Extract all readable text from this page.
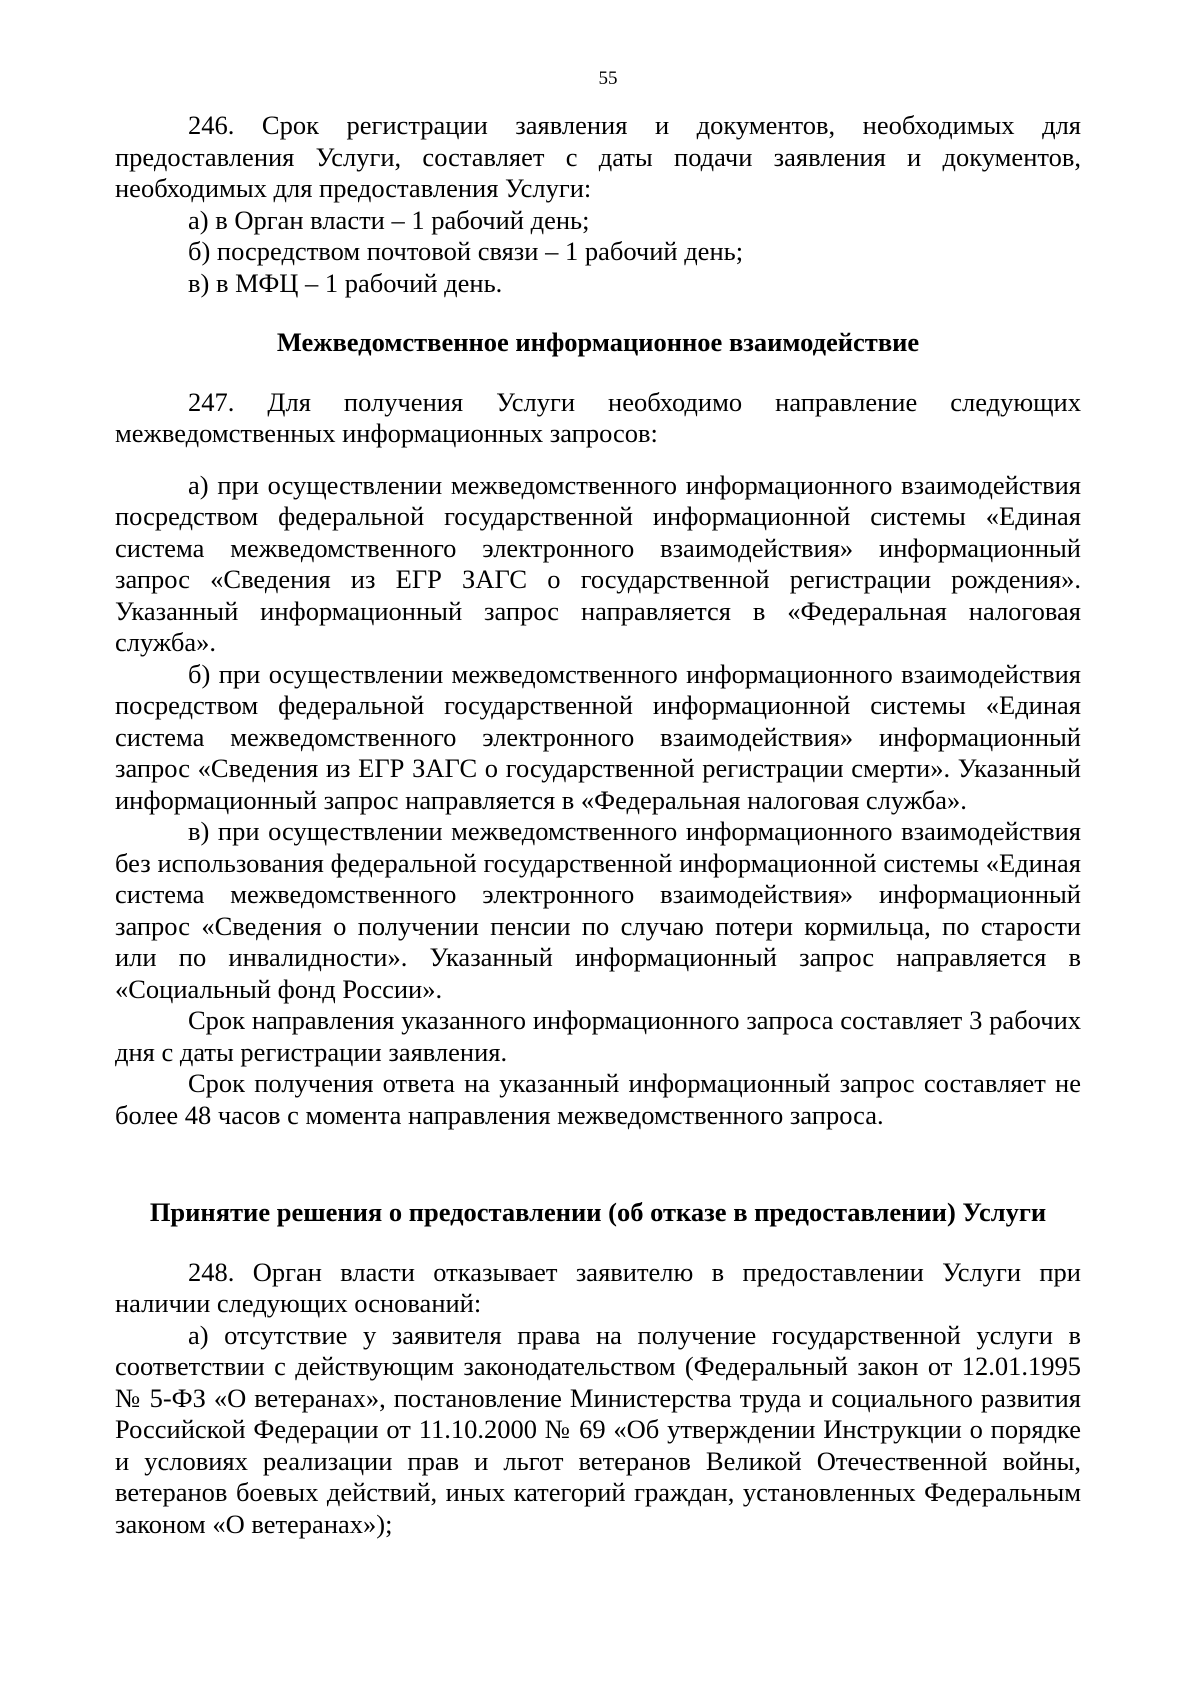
55

246. Срок регистрации заявления и документов, необходимых для предоставления Услуги, составляет с даты подачи заявления и документов, необходимых для предоставления Услуги:

а) в Орган власти – 1 рабочий день;

б) посредством почтовой связи – 1 рабочий день;

в) в МФЦ – 1 рабочий день.

Межведомственное информационное взаимодействие

247. Для получения Услуги необходимо направление следующих межведомственных информационных запросов:

а) при осуществлении межведомственного информационного взаимодействия посредством федеральной государственной информационной системы «Единая система межведомственного электронного взаимодействия» информационный запрос «Сведения из ЕГР ЗАГС о государственной регистрации рождения». Указанный информационный запрос направляется в «Федеральная налоговая служба».

б) при осуществлении межведомственного информационного взаимодействия посредством федеральной государственной информационной системы «Единая система межведомственного электронного взаимодействия» информационный запрос «Сведения из ЕГР ЗАГС о государственной регистрации смерти». Указанный информационный запрос направляется в «Федеральная налоговая служба».

в) при осуществлении межведомственного информационного взаимодействия без использования федеральной государственной информационной системы «Единая система межведомственного электронного взаимодействия» информационный запрос «Сведения о получении пенсии по случаю потери кормильца, по старости или по инвалидности». Указанный информационный запрос направляется в «Социальный фонд России».

Срок направления указанного информационного запроса составляет 3 рабочих дня с даты регистрации заявления.

Срок получения ответа на указанный информационный запрос составляет не более 48 часов с момента направления межведомственного запроса.

Принятие решения о предоставлении (об отказе в предоставлении) Услуги

248. Орган власти отказывает заявителю в предоставлении Услуги при наличии следующих оснований:

а) отсутствие у заявителя права на получение государственной услуги в соответствии с действующим законодательством (Федеральный закон от 12.01.1995 № 5-ФЗ «О ветеранах», постановление Министерства труда и социального развития Российской Федерации от 11.10.2000 № 69 «Об утверждении Инструкции о порядке и условиях реализации прав и льгот ветеранов Великой Отечественной войны, ветеранов боевых действий, иных категорий граждан, установленных Федеральным законом «О ветеранах»);
